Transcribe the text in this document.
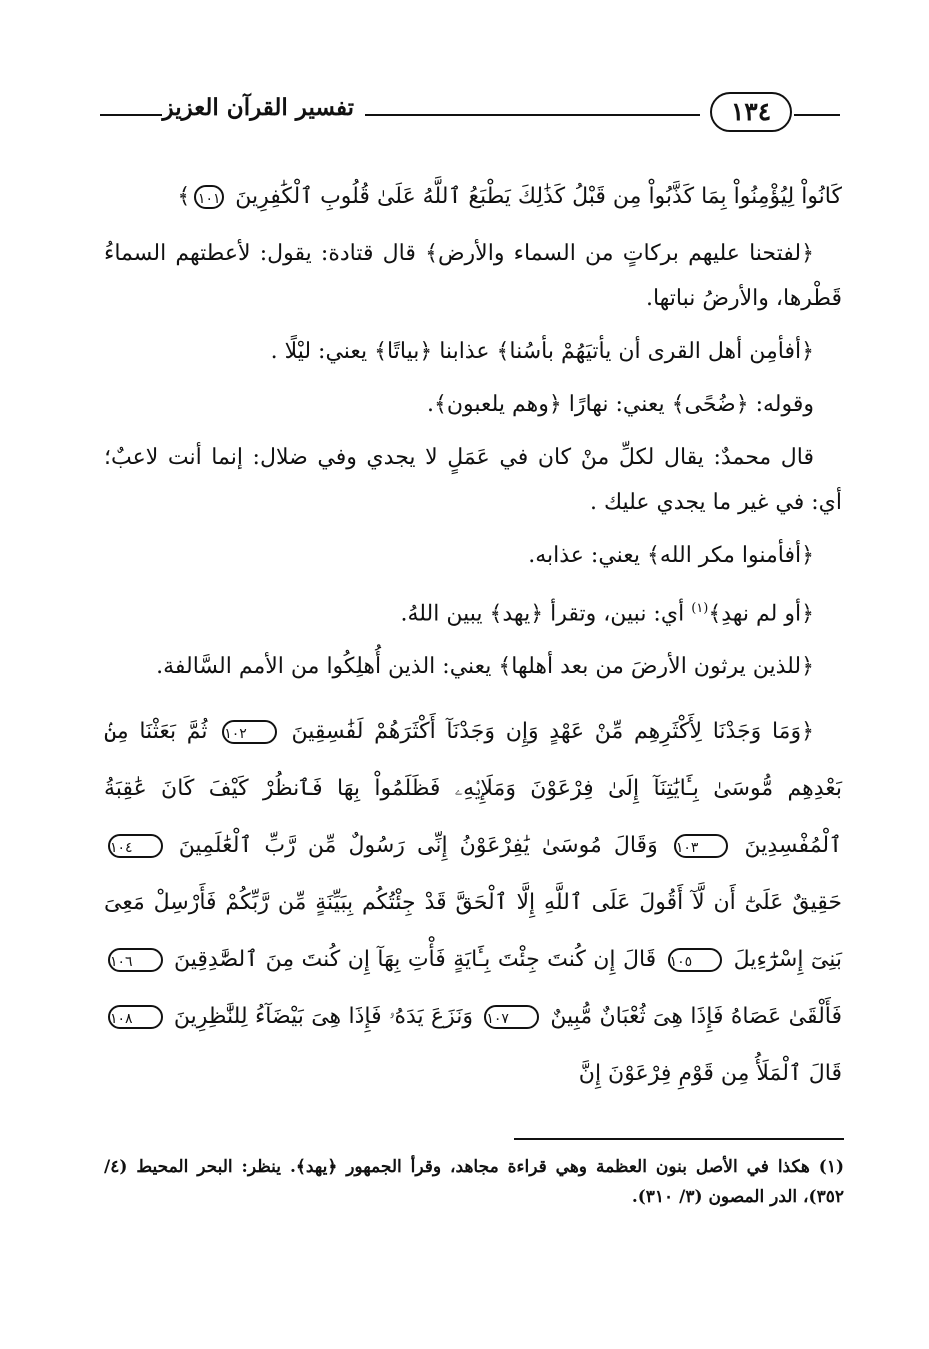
تفسير القرآن العزيز	١٣٤

كَانُواْ لِيُؤْمِنُواْ بِمَا كَذَّبُواْ مِن قَبْلُ كَذَٰلِكَ يَطْبَعُ ٱللَّهُ عَلَىٰ قُلُوبِ ٱلْكَٰفِرِينَ ١٠١﴾

﴿لفتحنا عليهم بركاتٍ من السماء والأرض﴾ قال قتادة: يقول: لأعطتهم السماءُ قَطْرها، والأرضُ نباتها.

﴿أفأمِن أهل القرى أن يأتيَهُمْ بأسُنا﴾ عذابنا ﴿بياتًا﴾ يعني: ليْلًا .

وقوله: ﴿ضُحًى﴾ يعني: نهارًا ﴿وهم يلعبون﴾.

قال محمدٌ: يقال لكلِّ منْ كان في عَمَلٍ لا يجدي وفي ضلال: إنما أنت لاعبٌ؛ أي: في غير ما يجدي عليك .

﴿أفأمنوا مكر الله﴾ يعني: عذابه.

﴿أو لم نهدِ﴾$^{(١)}$ أي: نبين، وتقرأ ﴿يهد﴾ يبين اللهُ.

﴿للذين يرثون الأرضَ من بعد أهلها﴾ يعني: الذين أُهلِكُوا من الأمم السَّالفة.

﴿وَمَا وَجَدْنَا لِأَكْثَرِهِم مِّنْ عَهْدٍ وَإِن وَجَدْنَآ أَكْثَرَهُمْ لَفَٰسِقِينَ ١٠٢ ثُمَّ بَعَثْنَا مِنۢ بَعْدِهِم مُّوسَىٰ بِـَٔايَٰتِنَآ إِلَىٰ فِرْعَوْنَ وَمَلَإِي۟هِۦ فَظَلَمُواْ بِهَا فَٱنظُرْ كَيْفَ كَانَ عَٰقِبَةُ ٱلْمُفْسِدِينَ ١٠٣ وَقَالَ مُوسَىٰ يَٰفِرْعَوْنُ إِنِّى رَسُولٌ مِّن رَّبِّ ٱلْعَٰلَمِينَ ١٠٤ حَقِيقٌ عَلَىٰٓ أَن لَّآ أَقُولَ عَلَى ٱللَّهِ إِلَّا ٱلْحَقَّ قَدْ جِئْتُكُم بِبَيِّنَةٍ مِّن رَّبِّكُمْ فَأَرْسِلْ مَعِىَ بَنِىٓ إِسْرَٰٓءِيلَ ١٠٥ قَالَ إِن كُنتَ جِئْتَ بِـَٔايَةٍ فَأْتِ بِهَآ إِن كُنتَ مِنَ ٱلصَّٰدِقِينَ ١٠٦ فَأَلْقَىٰ عَصَاهُ فَإِذَا هِىَ ثُعْبَانٌ مُّبِينٌ ١٠٧ وَنَزَعَ يَدَهُۥ فَإِذَا هِىَ بَيْضَآءُ لِلنَّٰظِرِينَ ١٠٨ قَالَ ٱلْمَلَأُ مِن قَوْمِ فِرْعَوْنَ إِنَّ

(١) هكذا في الأصل بنون العظمة وهي قراءة مجاهد، وقرأ الجمهور ﴿يهد﴾. ينظر: البحر المحيط (٤/ ٣٥٢)، الدر المصون (٣/ ٣١٠).
